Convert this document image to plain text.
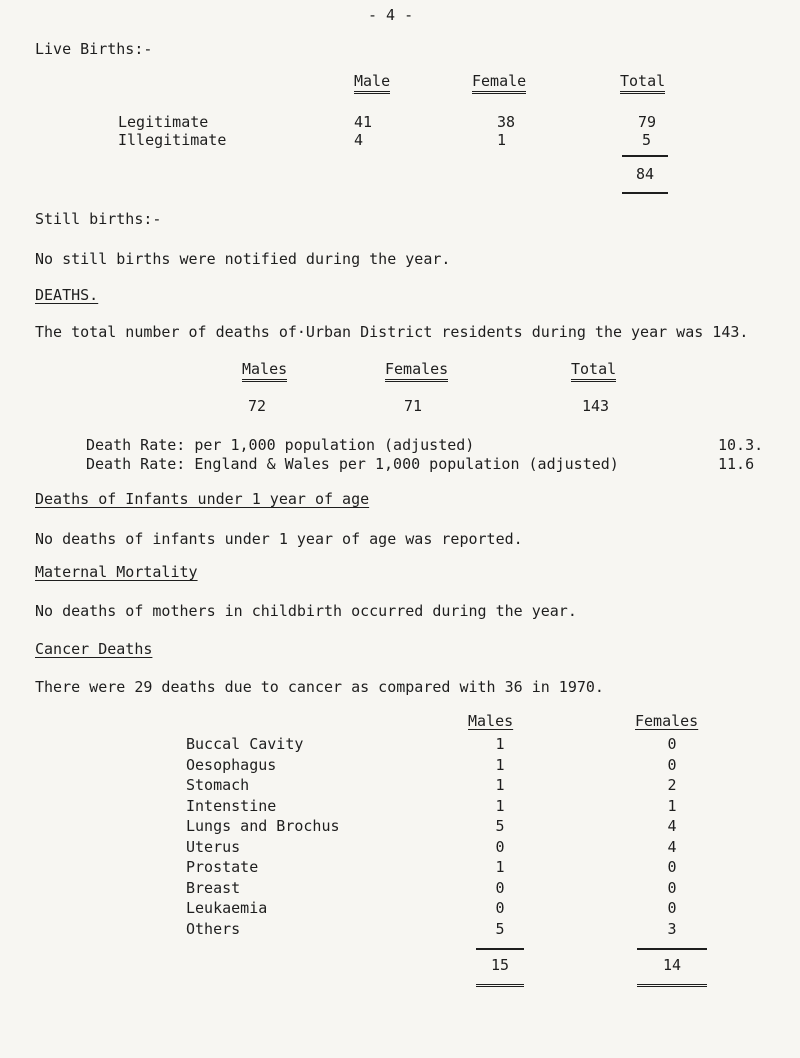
- 4 -
Live Births:-
Male	Female	Total
Legitimate	41	38	79
Illegitimate	4	1	5
84
Still births:-
No still births were notified during the year.
DEATHS.
The total number of deaths of·Urban District residents during the year was 143.
Males	Females	Total
72	71	143
Death Rate: per 1,000 population (adjusted)	10.3.
Death Rate: England & Wales per 1,000 population (adjusted)	11.6
Deaths of Infants under 1 year of age
No deaths of infants under 1 year of age was reported.
Maternal Mortality
No deaths of mothers in childbirth occurred during the year.
Cancer Deaths
There were 29 deaths due to cancer as compared with 36 in 1970.
Males	Females
Buccal Cavity	1	0
Oesophagus	1	0
Stomach	1	2
Intenstine	1	1
Lungs and Brochus	5	4
Uterus	0	4
Prostate	1	0
Breast	0	0
Leukaemia	0	0
Others	5	3
15	14
